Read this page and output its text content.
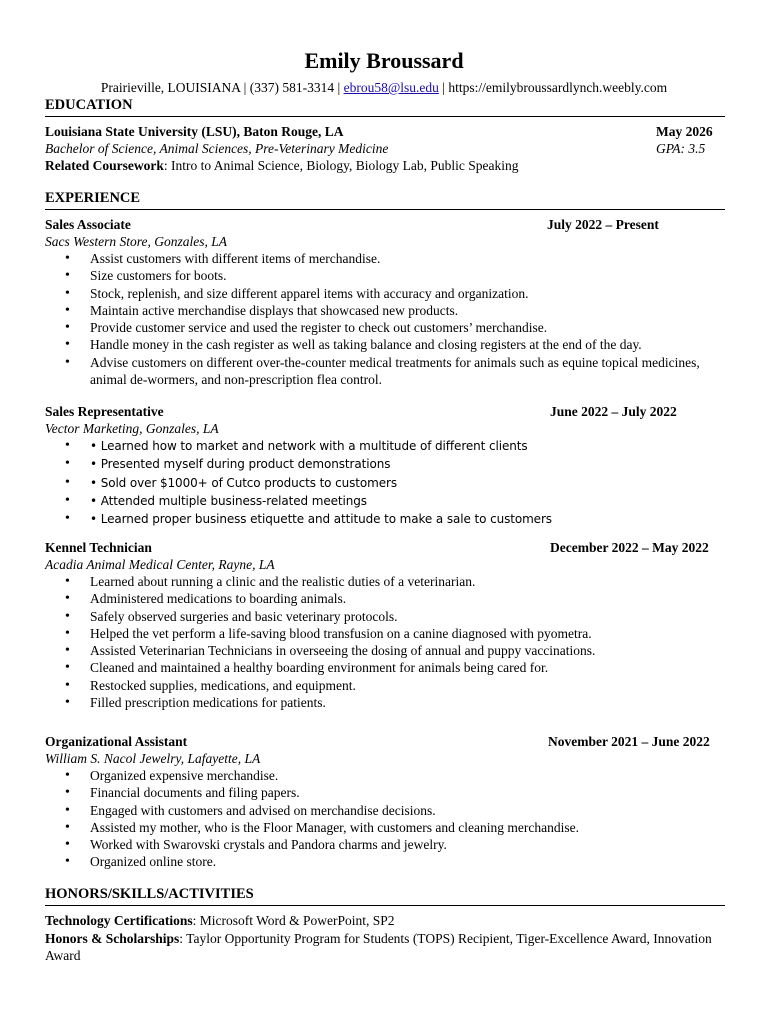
Emily Broussard
Prairieville, LOUISIANA | (337) 581-3314 | ebrou58@lsu.edu | https://emilybroussardlynch.weebly.com
EDUCATION
Louisiana State University (LSU), Baton Rouge, LA	May 2026
Bachelor of Science, Animal Sciences, Pre-Veterinary Medicine	GPA: 3.5
Related Coursework: Intro to Animal Science, Biology, Biology Lab, Public Speaking
EXPERIENCE
Sales Associate	July 2022 – Present
Sacs Western Store, Gonzales, LA
• Assist customers with different items of merchandise.
• Size customers for boots.
• Stock, replenish, and size different apparel items with accuracy and organization.
• Maintain active merchandise displays that showcased new products.
• Provide customer service and used the register to check out customers’ merchandise.
• Handle money in the cash register as well as taking balance and closing registers at the end of the day.
• Advise customers on different over-the-counter medical treatments for animals such as equine topical medicines, animal de-wormers, and non-prescription flea control.
Sales Representative	June 2022 – July 2022
Vector Marketing, Gonzales, LA
• • Learned how to market and network with a multitude of different clients
• • Presented myself during product demonstrations
• • Sold over $1000+ of Cutco products to customers
• • Attended multiple business-related meetings
• • Learned proper business etiquette and attitude to make a sale to customers
Kennel Technician	December 2022 – May 2022
Acadia Animal Medical Center, Rayne, LA
• Learned about running a clinic and the realistic duties of a veterinarian.
• Administered medications to boarding animals.
• Safely observed surgeries and basic veterinary protocols.
• Helped the vet perform a life-saving blood transfusion on a canine diagnosed with pyometra.
• Assisted Veterinarian Technicians in overseeing the dosing of annual and puppy vaccinations.
• Cleaned and maintained a healthy boarding environment for animals being cared for.
• Restocked supplies, medications, and equipment.
• Filled prescription medications for patients.
Organizational Assistant	November 2021 – June 2022
William S. Nacol Jewelry, Lafayette, LA
• Organized expensive merchandise.
• Financial documents and filing papers.
• Engaged with customers and advised on merchandise decisions.
• Assisted my mother, who is the Floor Manager, with customers and cleaning merchandise.
• Worked with Swarovski crystals and Pandora charms and jewelry.
• Organized online store.
HONORS/SKILLS/ACTIVITIES
Technology Certifications: Microsoft Word & PowerPoint, SP2
Honors & Scholarships: Taylor Opportunity Program for Students (TOPS) Recipient, Tiger-Excellence Award, Innovation Award
